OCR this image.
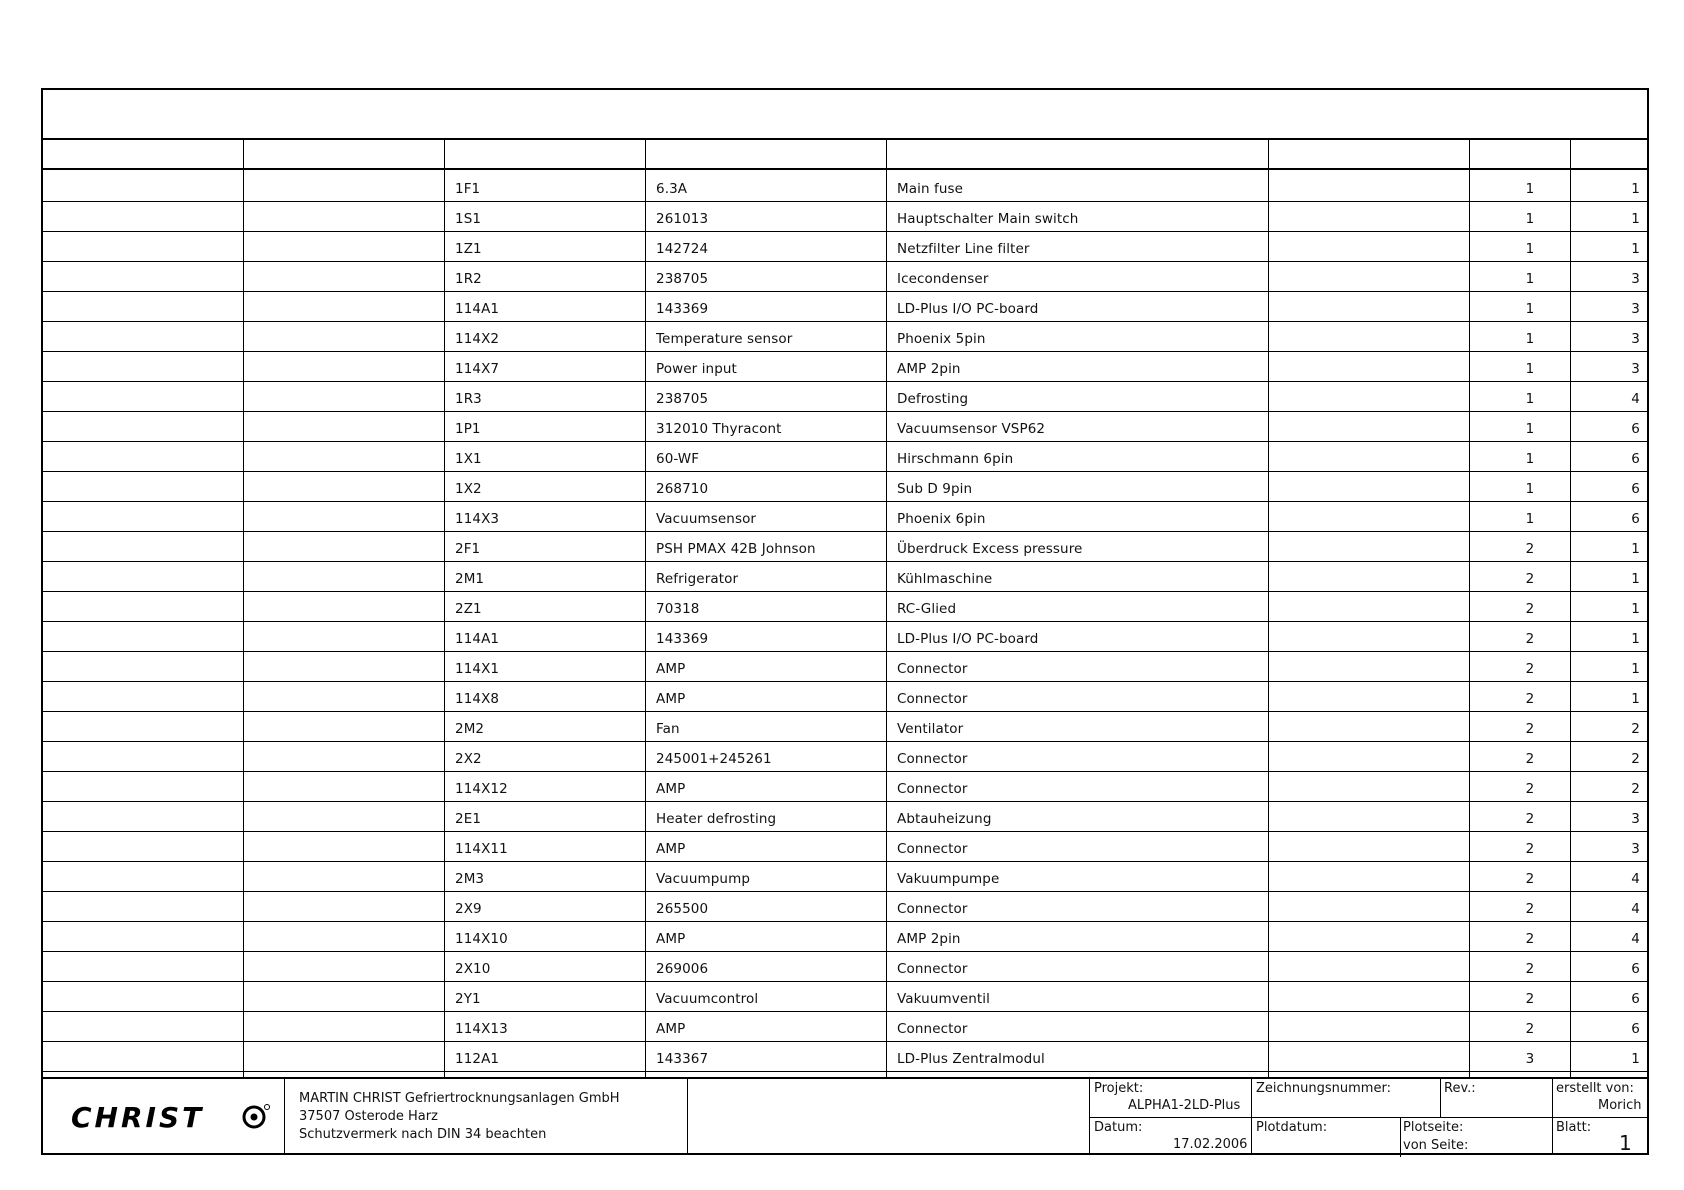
1F1	6.3A	Main fuse	1	1
1S1	261013	Hauptschalter Main switch	1	1
1Z1	142724	Netzfilter Line filter	1	1
1R2	238705	Icecondenser	1	3
114A1	143369	LD-Plus I/O PC-board	1	3
114X2	Temperature sensor	Phoenix 5pin	1	3
114X7	Power input	AMP 2pin	1	3
1R3	238705	Defrosting	1	4
1P1	312010 Thyracont	Vacuumsensor VSP62	1	6
1X1	60-WF	Hirschmann 6pin	1	6
1X2	268710	Sub D 9pin	1	6
114X3	Vacuumsensor	Phoenix 6pin	1	6
2F1	PSH PMAX 42B Johnson	Überdruck Excess pressure	2	1
2M1	Refrigerator	Kühlmaschine	2	1
2Z1	70318	RC-Glied	2	1
114A1	143369	LD-Plus I/O PC-board	2	1
114X1	AMP	Connector	2	1
114X8	AMP	Connector	2	1
2M2	Fan	Ventilator	2	2
2X2	245001+245261	Connector	2	2
114X12	AMP	Connector	2	2
2E1	Heater defrosting	Abtauheizung	2	3
114X11	AMP	Connector	2	3
2M3	Vacuumpump	Vakuumpumpe	2	4
2X9	265500	Connector	2	4
114X10	AMP	AMP 2pin	2	4
2X10	269006	Connector	2	6
2Y1	Vacuumcontrol	Vakuumventil	2	6
114X13	AMP	Connector	2	6
112A1	143367	LD-Plus Zentralmodul	3	1
CHRIST
MARTIN CHRIST Gefriertrocknungsanlagen GmbH
37507 Osterode Harz
Schutzvermerk nach DIN 34 beachten
Projekt:
ALPHA1-2LD-Plus
Zeichnungsnummer:	Rev.:	erstellt von:
Morich
Datum:
17.02.2006
Plotdatum:	Plotseite:
von Seite:
Blatt:
1
